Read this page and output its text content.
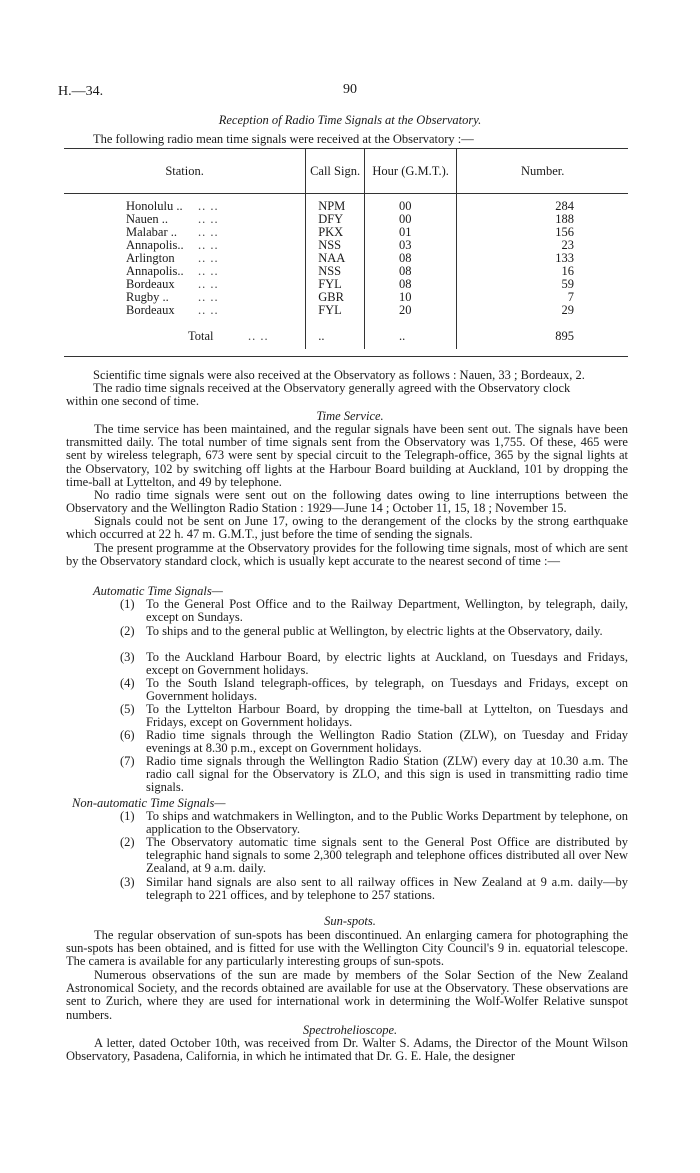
H.—34.	90
Reception of Radio Time Signals at the Observatory.
The following radio mean time signals were received at the Observatory :—
Station.	Call Sign.	Hour (G.M.T.).	Number.
Honolulu .. .. ..	NPM	00	284
Nauen .. .. ..	DFY	00	188
Malabar .. .. ..	PKX	01	156
Annapolis.. .. ..	NSS	03	23
Arlington .. ..	NAA	08	133
Annapolis.. .. ..	NSS	08	16
Bordeaux .. ..	FYL	08	59
Rugby .. .. ..	GBR	10	7
Bordeaux .. ..	FYL	20	29
Total .. ..	..	..	895
Scientific time signals were also received at the Observatory as follows : Nauen, 33 ; Bordeaux, 2.
The radio time signals received at the Observatory generally agreed with the Observatory clock
within one second of time.
Time Service.
The time service has been maintained, and the regular signals have been sent out. The signals have been transmitted daily. The total number of time signals sent from the Observatory was 1,755. Of these, 465 were sent by wireless telegraph, 673 were sent by special circuit to the Telegraph-office, 365 by the signal lights at the Observatory, 102 by switching off lights at the Harbour Board building at Auckland, 101 by dropping the time-ball at Lyttelton, and 49 by telephone.
No radio time signals were sent out on the following dates owing to line interruptions between the Observatory and the Wellington Radio Station : 1929—June 14 ; October 11, 15, 18 ; November 15.
Signals could not be sent on June 17, owing to the derangement of the clocks by the strong earthquake which occurred at 22 h. 47 m. G.M.T., just before the time of sending the signals.
The present programme at the Observatory provides for the following time signals, most of which are sent by the Observatory standard clock, which is usually kept accurate to the nearest second of time :—
Automatic Time Signals—
(1) To the General Post Office and to the Railway Department, Wellington, by telegraph, daily, except on Sundays.
(2) To ships and to the general public at Wellington, by electric lights at the Observatory, daily.
(3) To the Auckland Harbour Board, by electric lights at Auckland, on Tuesdays and Fridays, except on Government holidays.
(4) To the South Island telegraph-offices, by telegraph, on Tuesdays and Fridays, except on Government holidays.
(5) To the Lyttelton Harbour Board, by dropping the time-ball at Lyttelton, on Tuesdays and Fridays, except on Government holidays.
(6) Radio time signals through the Wellington Radio Station (ZLW), on Tuesday and Friday evenings at 8.30 p.m., except on Government holidays.
(7) Radio time signals through the Wellington Radio Station (ZLW) every day at 10.30 a.m. The radio call signal for the Observatory is ZLO, and this sign is used in transmitting radio time signals.
Non-automatic Time Signals—
(1) To ships and watchmakers in Wellington, and to the Public Works Department by telephone, on application to the Observatory.
(2) The Observatory automatic time signals sent to the General Post Office are distributed by telegraphic hand signals to some 2,300 telegraph and telephone offices distributed all over New Zealand, at 9 a.m. daily.
(3) Similar hand signals are also sent to all railway offices in New Zealand at 9 a.m. daily—by telegraph to 221 offices, and by telephone to 257 stations.
Sun-spots.
The regular observation of sun-spots has been discontinued. An enlarging camera for photographing the sun-spots has been obtained, and is fitted for use with the Wellington City Council's 9 in. equatorial telescope. The camera is available for any particularly interesting groups of sun-spots.
Numerous observations of the sun are made by members of the Solar Section of the New Zealand Astronomical Society, and the records obtained are available for use at the Observatory. These observations are sent to Zurich, where they are used for international work in determining the Wolf-Wolfer Relative sunspot numbers.
Spectrohelioscope.
A letter, dated October 10th, was received from Dr. Walter S. Adams, the Director of the Mount Wilson Observatory, Pasadena, California, in which he intimated that Dr. G. E. Hale, the designer
